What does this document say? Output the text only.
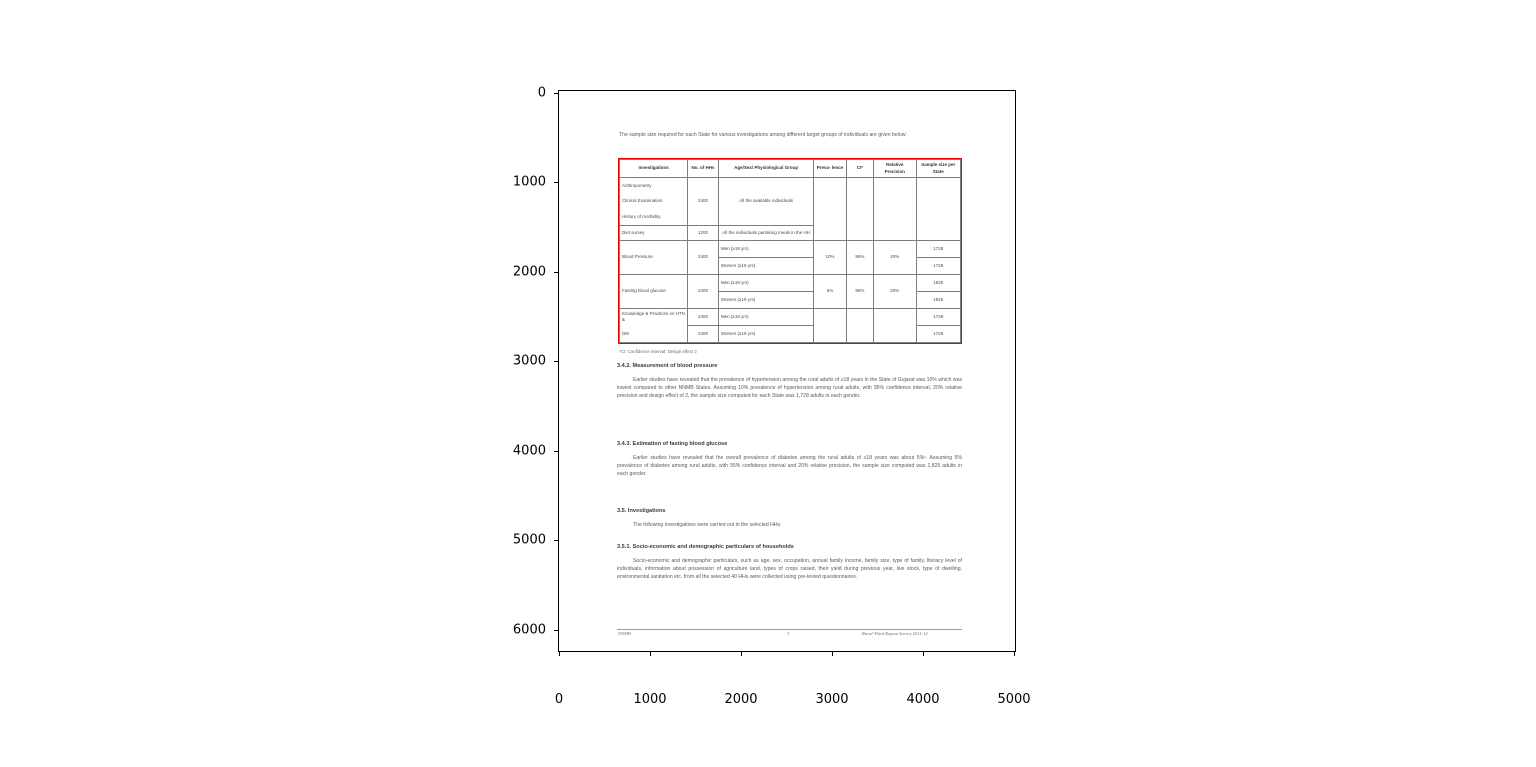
0
1000
2000
3000
4000
5000
6000
0	1000	2000	3000	4000	5000
The sample size required for each State for various investigations among different target groups of individuals are given below:
Investigations	No. of HHs	Age/Sex/ Physiological Group	Preva- lence	CI*	Relative Precision	Sample size per State
Anthropometry		All the available individuals				
Clinical Examination	2400					
History of morbidity						
Diet survey	1200	All the individuals partaking meals in the HH				
Blood Pressure	2400	Men (≥18 yrs)	10%	95%	20%	1728
		Women (≥18 yrs)				1728
Fasting blood glucose	2400	Men (≥18 yrs)	5%	95%	20%	1825
		Women (≥18 yrs)				1825
Knowledge & Practices on HTN &	2400	Men (≥18 yrs)				1728
DM	2400	Women (≥18 yrs)				1728
*CI: Confidence interval; Design effect 2
3.4.2. Measurement of blood pressure
Earlier studies have revealed that the prevalence of hypertension among the rural adults of ≥18 years in the State of Gujarat was 10% which was lowest compared to other NNMB States. Assuming 10% prevalence of hypertension among rural adults, with 95% confidence interval, 20% relative precision and design effect of 2, the sample size computed for each State was 1,728 adults in each gender.
3.4.3. Estimation of fasting blood glucose
Earlier studies have revealed that the overall prevalence of diabetes among the rural adults of ≥18 years was about 5%¹. Assuming 5% prevalence of diabetes among rural adults, with 95% confidence interval and 20% relative precision, the sample size computed was 1,825 adults in each gender.
3.5. Investigations
The following investigations were carried out in the selected HHs:
3.5.1. Socio-economic and demographic particulars of households
Socio-economic and demographic particulars, such as age, sex, occupation, annual family income, family size, type of family, literacy level of individuals, information about possession of agriculture land, types of crops raised, their yield during previous year, live stock, type of dwelling, environmental sanitation etc. from all the selected 40 HHs were collected using pre-tested questionnaires.
NNMB	3	Rural-Third Repeat Survey 2011-12
